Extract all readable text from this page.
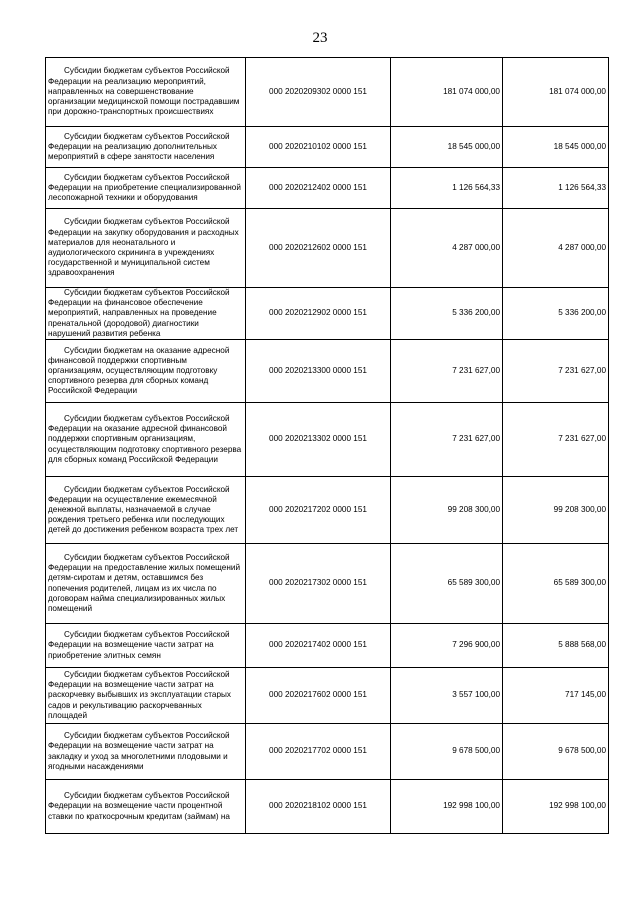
23
Субсидии бюджетам субъектов Российской Федерации на реализацию мероприятий, направленных на совершенствование организации медицинской помощи пострадавшим при дорожно-транспортных происшествиях	000 2020209302 0000 151	181 074 000,00	181 074 000,00
Субсидии бюджетам субъектов Российской Федерации на реализацию дополнительных мероприятий в сфере занятости населения	000 2020210102 0000 151	18 545 000,00	18 545 000,00
Субсидии бюджетам субъектов Российской Федерации на приобретение специализированной лесопожарной техники и оборудования	000 2020212402 0000 151	1 126 564,33	1 126 564,33
Субсидии бюджетам субъектов Российской Федерации на закупку оборудования и расходных материалов для неонатального и аудиологического скрининга в учреждениях государственной и муниципальной систем здравоохранения	000 2020212602 0000 151	4 287 000,00	4 287 000,00
Субсидии бюджетам субъектов Российской Федерации на финансовое обеспечение мероприятий, направленных на проведение пренатальной (дородовой) диагностики нарушений развития ребенка	000 2020212902 0000 151	5 336 200,00	5 336 200,00
Субсидии бюджетам на оказание адресной финансовой поддержки спортивным организациям, осуществляющим подготовку спортивного резерва для сборных команд Российской Федерации	000 2020213300 0000 151	7 231 627,00	7 231 627,00
Субсидии бюджетам субъектов Российской Федерации на оказание адресной финансовой поддержки спортивным организациям, осуществляющим подготовку спортивного резерва для сборных команд Российской Федерации	000 2020213302 0000 151	7 231 627,00	7 231 627,00
Субсидии бюджетам субъектов Российской Федерации на осуществление ежемесячной денежной выплаты, назначаемой в случае рождения третьего ребенка или последующих детей до достижения ребенком возраста трех лет	000 2020217202 0000 151	99 208 300,00	99 208 300,00
Субсидии бюджетам субъектов Российской Федерации на предоставление жилых помещений детям-сиротам и детям, оставшимся без попечения родителей, лицам из их числа по договорам найма специализированных жилых помещений	000 2020217302 0000 151	65 589 300,00	65 589 300,00
Субсидии бюджетам субъектов Российской Федерации на возмещение части затрат на приобретение элитных семян	000 2020217402 0000 151	7 296 900,00	5 888 568,00
Субсидии бюджетам субъектов Российской Федерации на возмещение части затрат на раскорчевку выбывших из эксплуатации старых садов и рекультивацию раскорчеванных площадей	000 2020217602 0000 151	3 557 100,00	717 145,00
Субсидии бюджетам субъектов Российской Федерации на возмещение части затрат на закладку и уход за многолетними плодовыми и ягодными насаждениями	000 2020217702 0000 151	9 678 500,00	9 678 500,00
Субсидии бюджетам субъектов Российской Федерации на возмещение части процентной ставки по краткосрочным кредитам (займам) на	000 2020218102 0000 151	192 998 100,00	192 998 100,00
